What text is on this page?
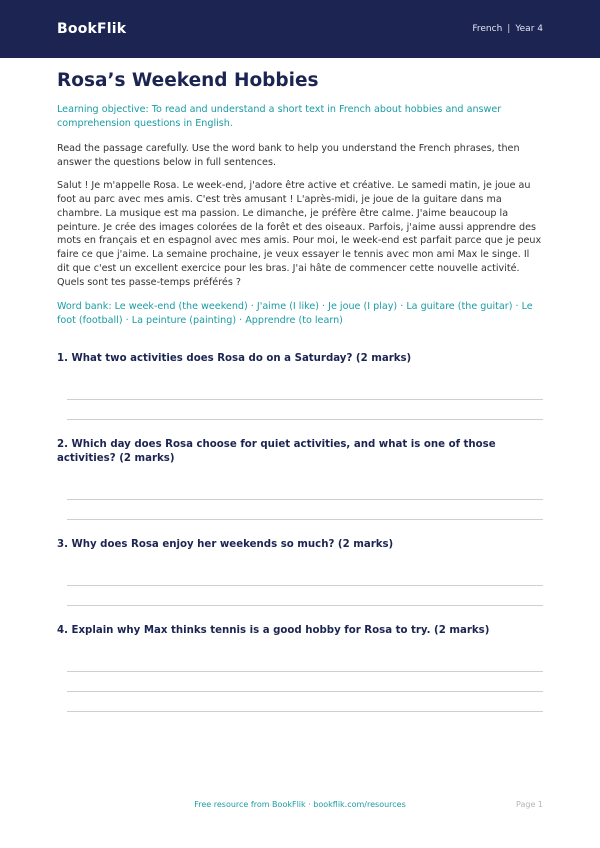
BookFlik	French | Year 4
Rosa’s Weekend Hobbies
Learning objective: To read and understand a short text in French about hobbies and answer comprehension questions in English.
Read the passage carefully. Use the word bank to help you understand the French phrases, then answer the questions below in full sentences.
Salut ! Je m'appelle Rosa. Le week-end, j'adore être active et créative. Le samedi matin, je joue au foot au parc avec mes amis. C'est très amusant ! L'après-midi, je joue de la guitare dans ma chambre. La musique est ma passion. Le dimanche, je préfère être calme. J'aime beaucoup la peinture. Je crée des images colorées de la forêt et des oiseaux. Parfois, j'aime aussi apprendre des mots en français et en espagnol avec mes amis. Pour moi, le week-end est parfait parce que je peux faire ce que j'aime. La semaine prochaine, je veux essayer le tennis avec mon ami Max le singe. Il dit que c'est un excellent exercice pour les bras. J'ai hâte de commencer cette nouvelle activité. Quels sont tes passe-temps préférés ?
Word bank: Le week-end (the weekend) · J'aime (I like) · Je joue (I play) · La guitare (the guitar) · Le foot (football) · La peinture (painting) · Apprendre (to learn)
1. What two activities does Rosa do on a Saturday? (2 marks)
2. Which day does Rosa choose for quiet activities, and what is one of those activities? (2 marks)
3. Why does Rosa enjoy her weekends so much? (2 marks)
4. Explain why Max thinks tennis is a good hobby for Rosa to try. (2 marks)
Free resource from BookFlik · bookflik.com/resources	Page 1
